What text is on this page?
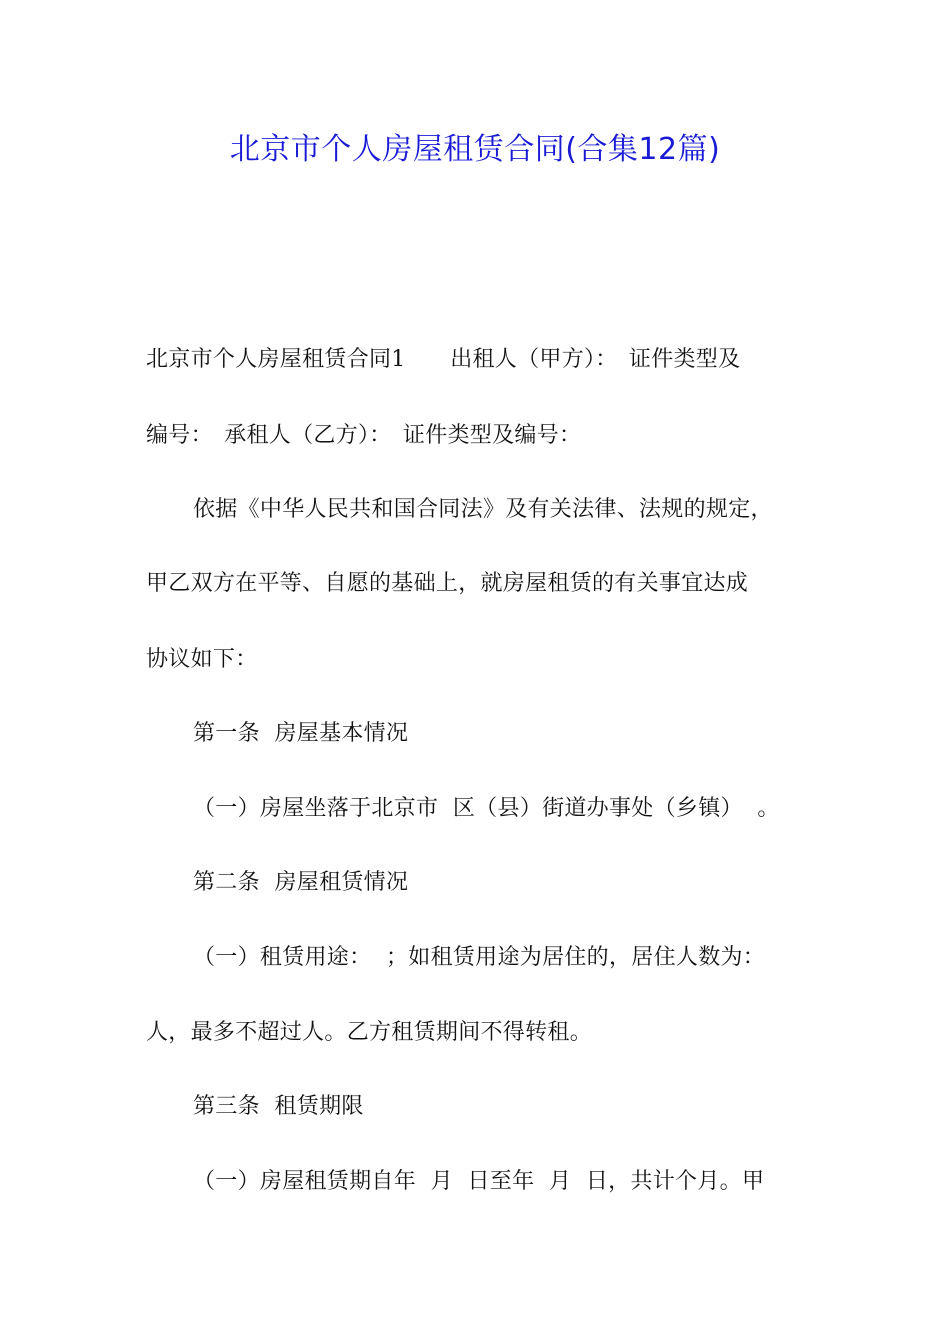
北京市个人房屋租赁合同(合集12篇)
北京市个人房屋租赁合同1　　出租人（甲方）：　证件类型及
编号：　承租人（乙方）：　证件类型及编号：
依据《中华人民共和国合同法》及有关法律、法规的规定，
甲乙双方在平等、自愿的基础上，就房屋租赁的有关事宜达成
协议如下：
第一条  房屋基本情况
（一）房屋坐落于北京市  区（县）街道办事处（乡镇）  。
第二条  房屋租赁情况
（一）租赁用途：  ；如租赁用途为居住的，居住人数为：
人，最多不超过人。乙方租赁期间不得转租。
第三条  租赁期限
（一）房屋租赁期自年  月  日至年  月  日，共计个月。甲
